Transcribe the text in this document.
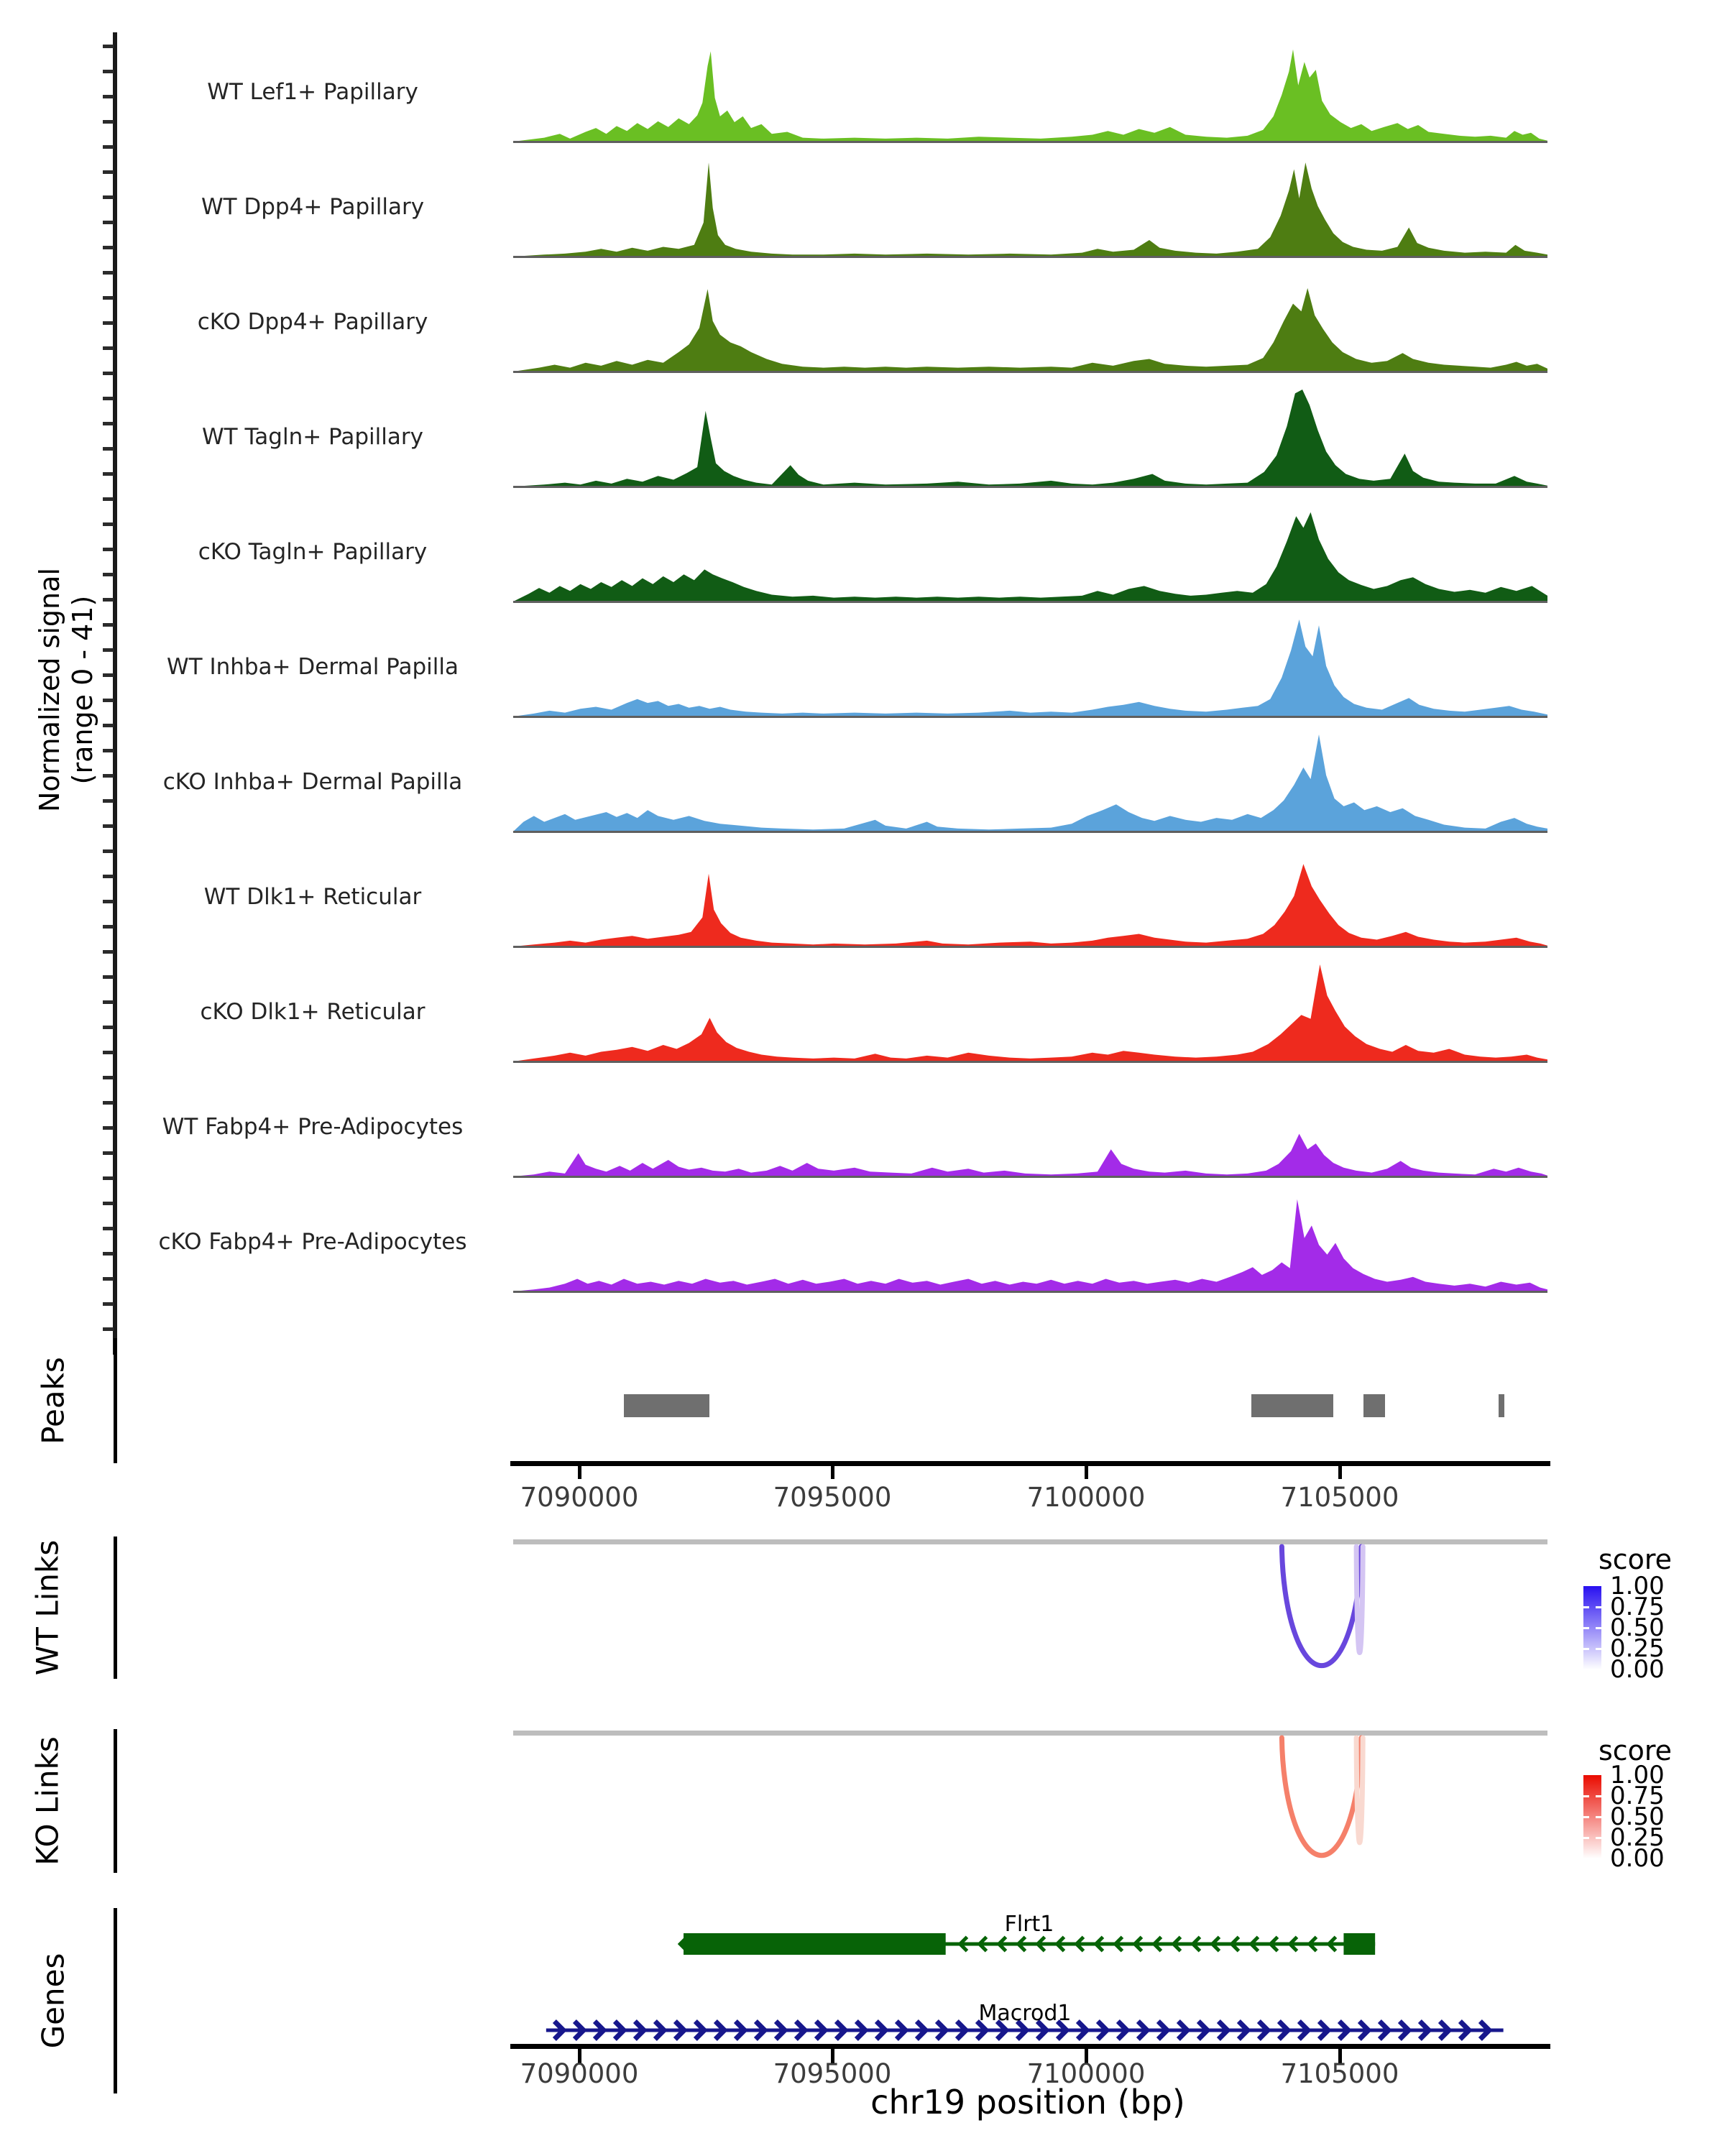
Normalized signal (range 0 - 41)
WT Lef1+ Papillary
WT Dpp4+ Papillary
cKO Dpp4+ Papillary
WT Tagln+ Papillary
cKO Tagln+ Papillary
WT Inhba+ Dermal Papilla
cKO Inhba+ Dermal Papilla
WT Dlk1+ Reticular
cKO Dlk1+ Reticular
WT Fabp4+ Pre-Adipocytes
cKO Fabp4+ Pre-Adipocytes
Peaks
7090000	7095000	7100000	7105000
WT Links	score
1.00
0.75
0.50
0.25
0.00
KO Links	score
1.00
0.75
0.50
0.25
0.00
Genes
Flrt1
Macrod1
7090000	7095000	7100000	7105000
chr19 position (bp)
